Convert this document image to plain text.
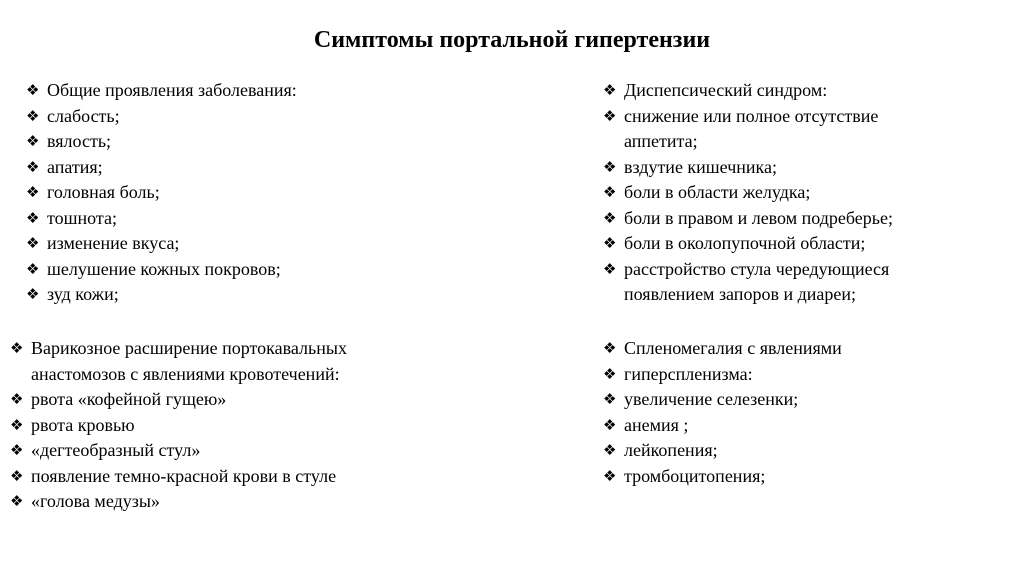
Симптомы портальной гипертензии
❖ Общие проявления заболевания:
❖ слабость;
❖ вялость;
❖ апатия;
❖ головная боль;
❖ тошнота;
❖ изменение вкуса;
❖ шелушение кожных покровов;
❖ зуд кожи;
❖ Варикозное расширение портокавальных
анастомозов с явлениями кровотечений:
❖ рвота «кофейной гущею»
❖ рвота кровью
❖ «дегтеобразный стул»
❖ появление темно-красной крови в стуле
❖ «голова медузы»
❖ Диспепсический синдром:
❖ снижение или полное отсутствие
аппетита;
❖ вздутие кишечника;
❖ боли в области желудка;
❖ боли в правом и левом подреберье;
❖ боли в околопупочной области;
❖ расстройство стула чередующиеся
появлением запоров и диареи;
❖ Спленомегалия с явлениями
❖ гиперспленизма:
❖ увеличение селезенки;
❖ анемия ;
❖ лейкопения;
❖ тромбоцитопения;
